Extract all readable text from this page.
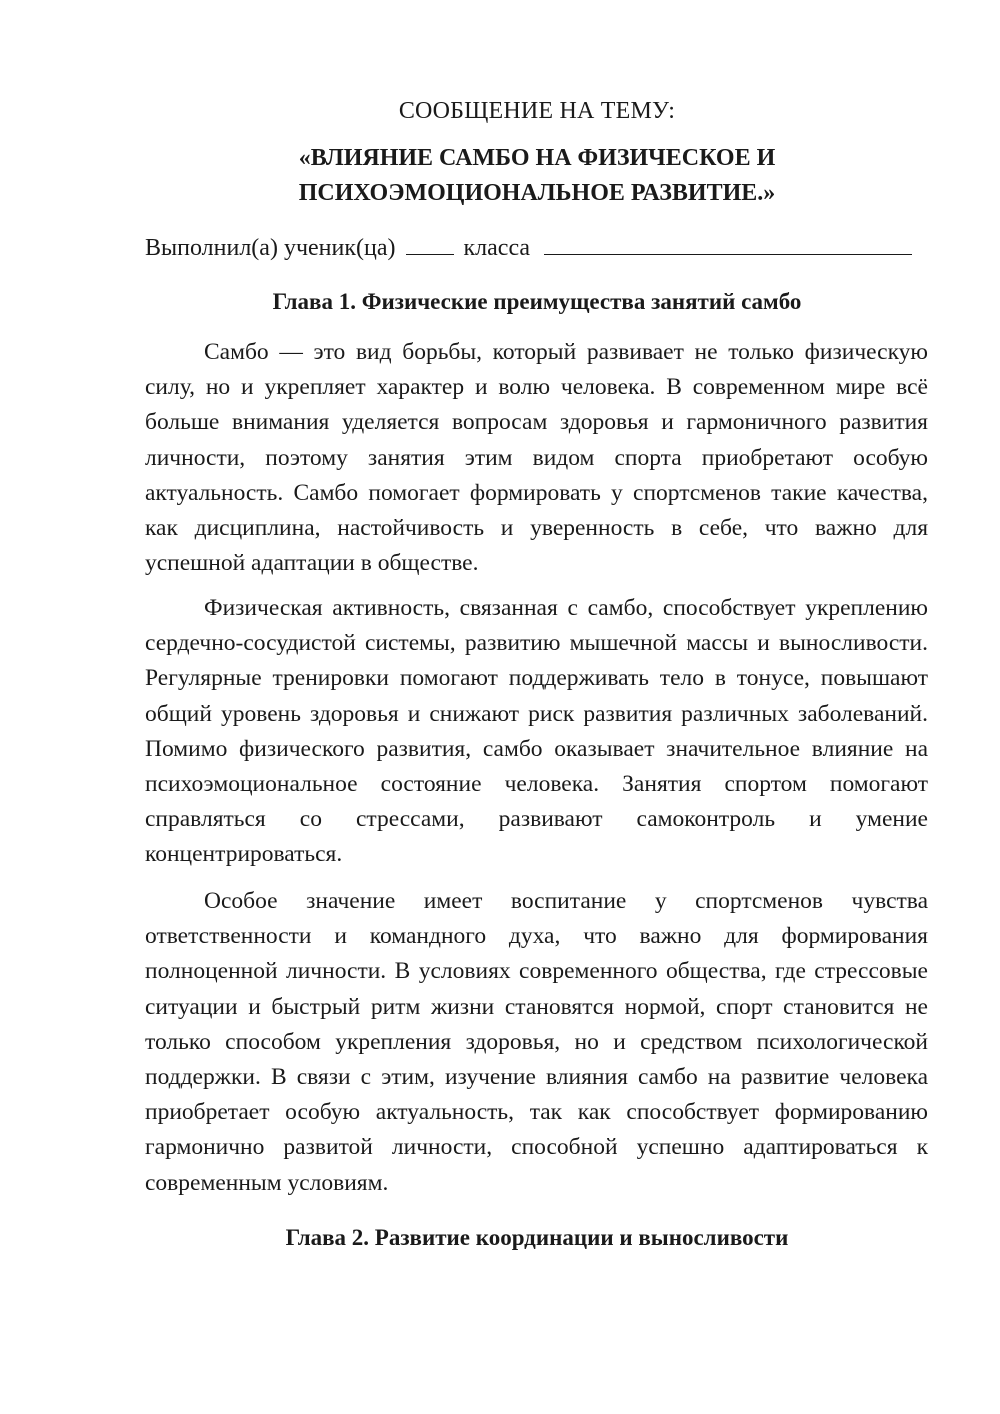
СООБЩЕНИЕ НА ТЕМУ:
«ВЛИЯНИЕ САМБО НА ФИЗИЧЕСКОЕ И
ПСИХОЭМОЦИОНАЛЬНОЕ РАЗВИТИЕ.»
Выполнил(а) ученик(ца)	класса
Глава 1. Физические преимущества занятий самбо

Самбо — это вид борьбы, который развивает не только физическую силу, но и укрепляет характер и волю человека. В современном мире всё больше внимания уделяется вопросам здоровья и гармоничного развития личности, поэтому занятия этим видом спорта приобретают особую актуальность. Самбо помогает формировать у спортсменов такие качества, как дисциплина, настойчивость и уверенность в себе, что важно для успешной адаптации в обществе.

Физическая активность, связанная с самбо, способствует укреплению сердечно-сосудистой системы, развитию мышечной массы и выносливости. Регулярные тренировки помогают поддерживать тело в тонусе, повышают общий уровень здоровья и снижают риск развития различных заболеваний. Помимо физического развития, самбо оказывает значительное влияние на психоэмоциональное состояние человека. Занятия спортом помогают справляться со стрессами, развивают самоконтроль и умение концентрироваться.

Особое значение имеет воспитание у спортсменов чувства ответственности и командного духа, что важно для формирования полноценной личности. В условиях современного общества, где стрессовые ситуации и быстрый ритм жизни становятся нормой, спорт становится не только способом укрепления здоровья, но и средством психологической поддержки. В связи с этим, изучение влияния самбо на развитие человека приобретает особую актуальность, так как способствует формированию гармонично развитой личности, способной успешно адаптироваться к современным условиям.

Глава 2. Развитие координации и выносливости
